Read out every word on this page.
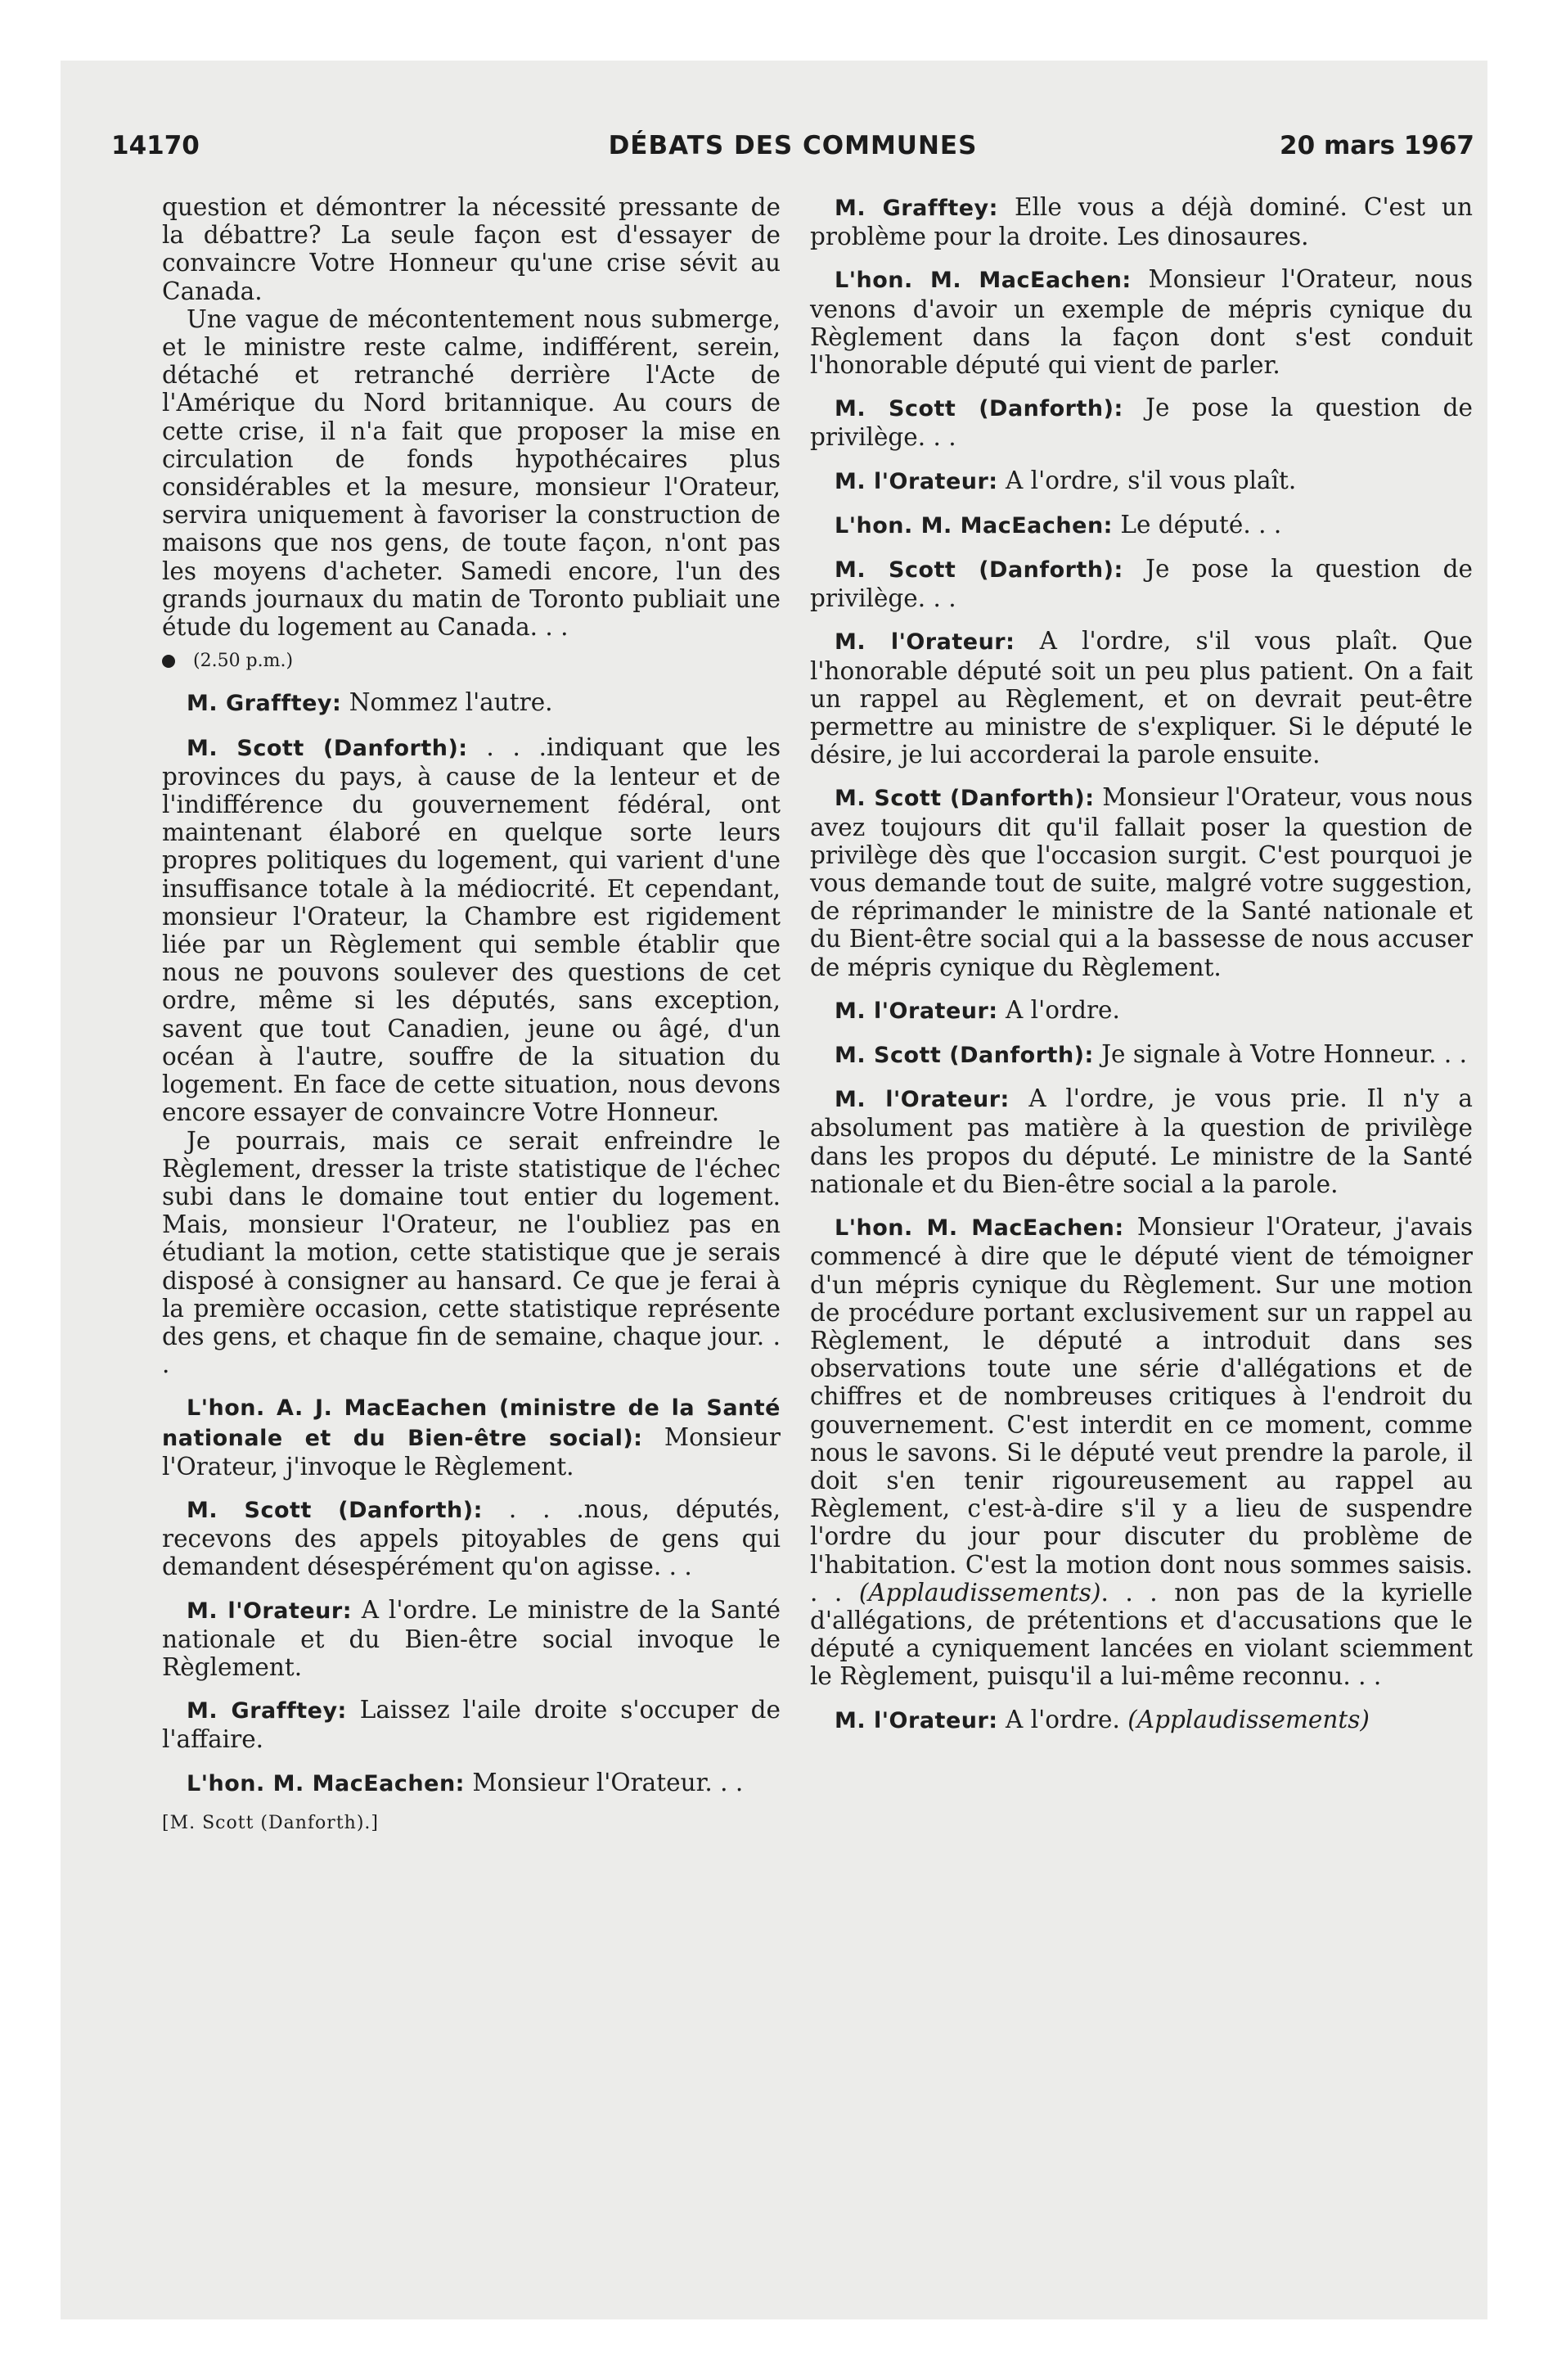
14170	DÉBATS DES COMMUNES	20 mars 1967

question et démontrer la nécessité pressante de la débattre? La seule façon est d'essayer de convaincre Votre Honneur qu'une crise sévit au Canada.

Une vague de mécontentement nous submerge, et le ministre reste calme, indifférent, serein, détaché et retranché derrière l'Acte de l'Amérique du Nord britannique. Au cours de cette crise, il n'a fait que proposer la mise en circulation de fonds hypothécaires plus considérables et la mesure, monsieur l'Orateur, servira uniquement à favoriser la construction de maisons que nos gens, de toute façon, n'ont pas les moyens d'acheter. Samedi encore, l'un des grands journaux du matin de Toronto publiait une étude du logement au Canada. . .

(2.50 p.m.)

M. Grafftey: Nommez l'autre.

M. Scott (Danforth): . . .indiquant que les provinces du pays, à cause de la lenteur et de l'indifférence du gouvernement fédéral, ont maintenant élaboré en quelque sorte leurs propres politiques du logement, qui varient d'une insuffisance totale à la médiocrité. Et cependant, monsieur l'Orateur, la Chambre est rigidement liée par un Règlement qui semble établir que nous ne pouvons soulever des questions de cet ordre, même si les députés, sans exception, savent que tout Canadien, jeune ou âgé, d'un océan à l'autre, souffre de la situation du logement. En face de cette situation, nous devons encore essayer de convaincre Votre Honneur.

Je pourrais, mais ce serait enfreindre le Règlement, dresser la triste statistique de l'échec subi dans le domaine tout entier du logement. Mais, monsieur l'Orateur, ne l'oubliez pas en étudiant la motion, cette statistique que je serais disposé à consigner au hansard. Ce que je ferai à la première occasion, cette statistique représente des gens, et chaque fin de semaine, chaque jour. . .

L'hon. A. J. MacEachen (ministre de la Santé nationale et du Bien-être social): Monsieur l'Orateur, j'invoque le Règlement.

M. Scott (Danforth): . . .nous, députés, recevons des appels pitoyables de gens qui demandent désespérément qu'on agisse. . .

M. l'Orateur: A l'ordre. Le ministre de la Santé nationale et du Bien-être social invoque le Règlement.

M. Grafftey: Laissez l'aile droite s'occuper de l'affaire.

L'hon. M. MacEachen: Monsieur l'Orateur. . .

[M. Scott (Danforth).]

M. Grafftey: Elle vous a déjà dominé. C'est un problème pour la droite. Les dinosaures.

L'hon. M. MacEachen: Monsieur l'Orateur, nous venons d'avoir un exemple de mépris cynique du Règlement dans la façon dont s'est conduit l'honorable député qui vient de parler.

M. Scott (Danforth): Je pose la question de privilège. . .

M. l'Orateur: A l'ordre, s'il vous plaît.

L'hon. M. MacEachen: Le député. . .

M. Scott (Danforth): Je pose la question de privilège. . .

M. l'Orateur: A l'ordre, s'il vous plaît. Que l'honorable député soit un peu plus patient. On a fait un rappel au Règlement, et on devrait peut-être permettre au ministre de s'expliquer. Si le député le désire, je lui accorderai la parole ensuite.

M. Scott (Danforth): Monsieur l'Orateur, vous nous avez toujours dit qu'il fallait poser la question de privilège dès que l'occasion surgit. C'est pourquoi je vous demande tout de suite, malgré votre suggestion, de réprimander le ministre de la Santé nationale et du Bient-être social qui a la bassesse de nous accuser de mépris cynique du Règlement.

M. l'Orateur: A l'ordre.

M. Scott (Danforth): Je signale à Votre Honneur. . .

M. l'Orateur: A l'ordre, je vous prie. Il n'y a absolument pas matière à la question de privilège dans les propos du député. Le ministre de la Santé nationale et du Bien-être social a la parole.

L'hon. M. MacEachen: Monsieur l'Orateur, j'avais commencé à dire que le député vient de témoigner d'un mépris cynique du Règlement. Sur une motion de procédure portant exclusivement sur un rappel au Règlement, le député a introduit dans ses observations toute une série d'allégations et de chiffres et de nombreuses critiques à l'endroit du gouvernement. C'est interdit en ce moment, comme nous le savons. Si le député veut prendre la parole, il doit s'en tenir rigoureusement au rappel au Règlement, c'est-à-dire s'il y a lieu de suspendre l'ordre du jour pour discuter du problème de l'habitation. C'est la motion dont nous sommes saisis. . . (Applaudissements). . . non pas de la kyrielle d'allégations, de prétentions et d'accusations que le député a cyniquement lancées en violant sciemment le Règlement, puisqu'il a lui-même reconnu. . .

M. l'Orateur: A l'ordre. (Applaudissements)
